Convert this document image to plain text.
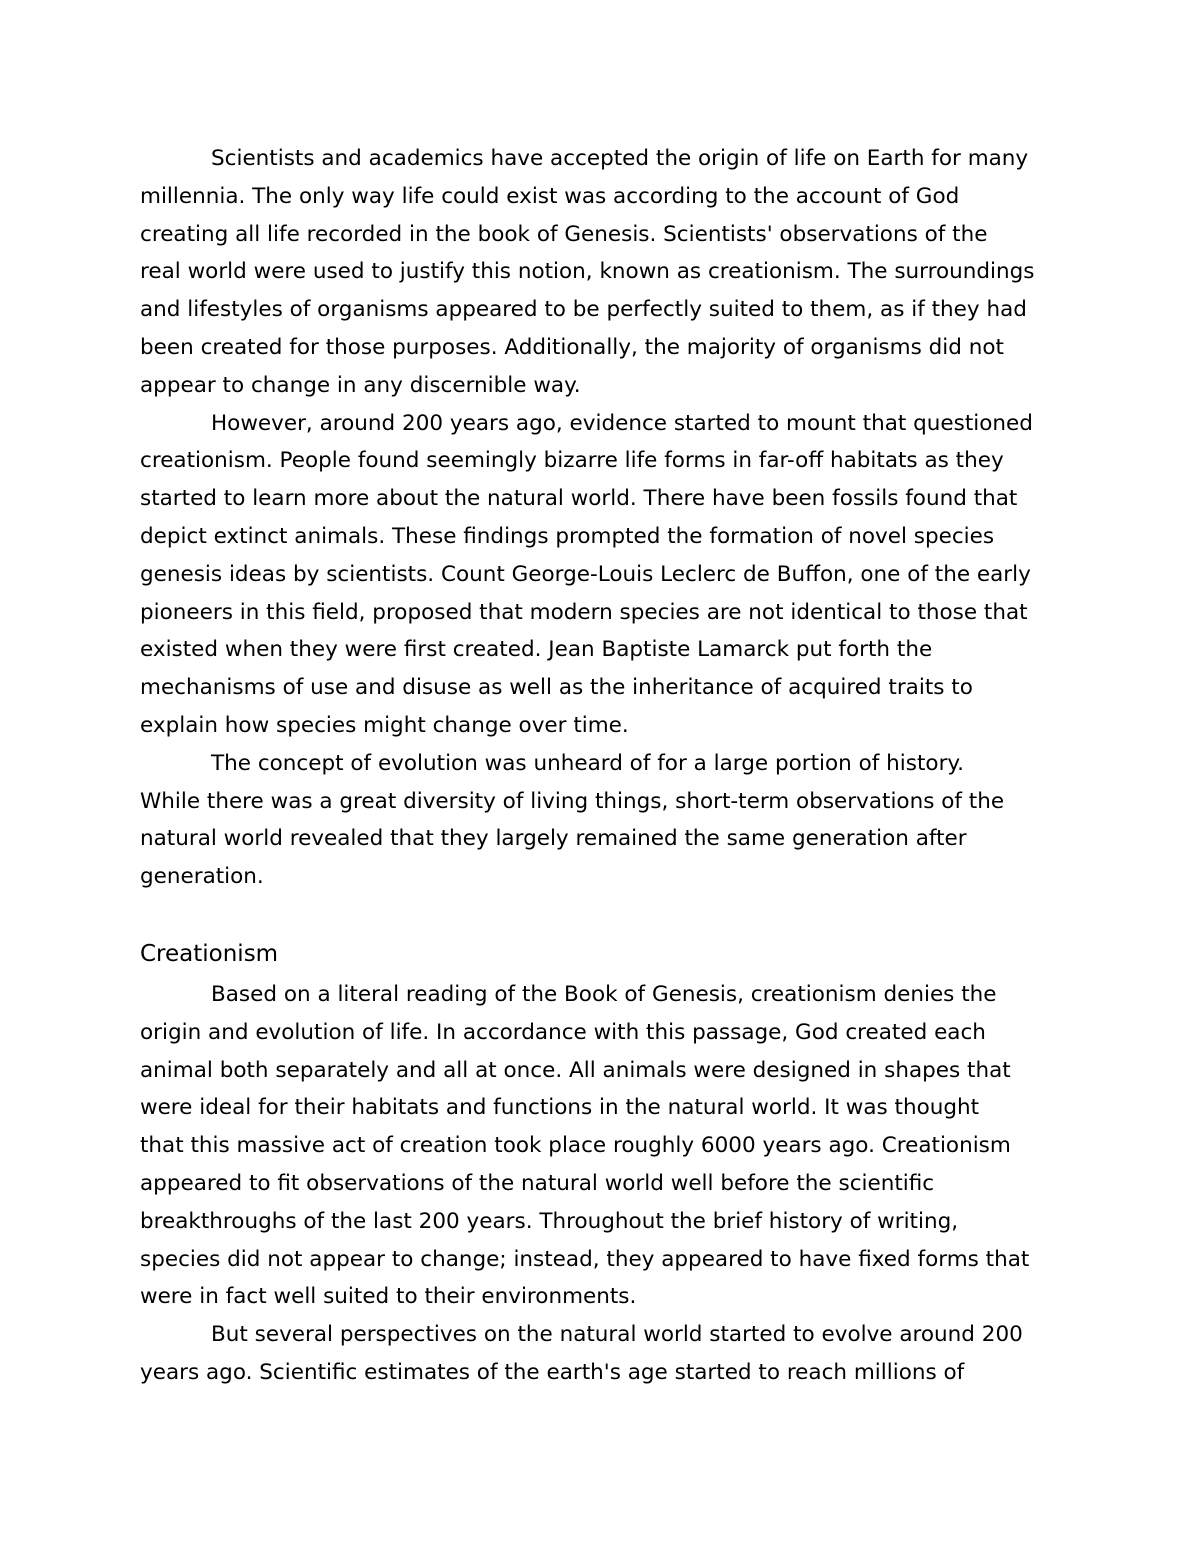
Scientists and academics have accepted the origin of life on Earth for many
millennia. The only way life could exist was according to the account of God
creating all life recorded in the book of Genesis. Scientists' observations of the
real world were used to justify this notion, known as creationism. The surroundings
and lifestyles of organisms appeared to be perfectly suited to them, as if they had
been created for those purposes. Additionally, the majority of organisms did not
appear to change in any discernible way.
However, around 200 years ago, evidence started to mount that questioned
creationism. People found seemingly bizarre life forms in far-off habitats as they
started to learn more about the natural world. There have been fossils found that
depict extinct animals. These findings prompted the formation of novel species
genesis ideas by scientists. Count George-Louis Leclerc de Buffon, one of the early
pioneers in this field, proposed that modern species are not identical to those that
existed when they were first created. Jean Baptiste Lamarck put forth the
mechanisms of use and disuse as well as the inheritance of acquired traits to
explain how species might change over time.
The concept of evolution was unheard of for a large portion of history.
While there was a great diversity of living things, short-term observations of the
natural world revealed that they largely remained the same generation after
generation.
Creationism
Based on a literal reading of the Book of Genesis, creationism denies the
origin and evolution of life. In accordance with this passage, God created each
animal both separately and all at once. All animals were designed in shapes that
were ideal for their habitats and functions in the natural world. It was thought
that this massive act of creation took place roughly 6000 years ago. Creationism
appeared to fit observations of the natural world well before the scientific
breakthroughs of the last 200 years. Throughout the brief history of writing,
species did not appear to change; instead, they appeared to have fixed forms that
were in fact well suited to their environments.
But several perspectives on the natural world started to evolve around 200
years ago. Scientific estimates of the earth's age started to reach millions of
